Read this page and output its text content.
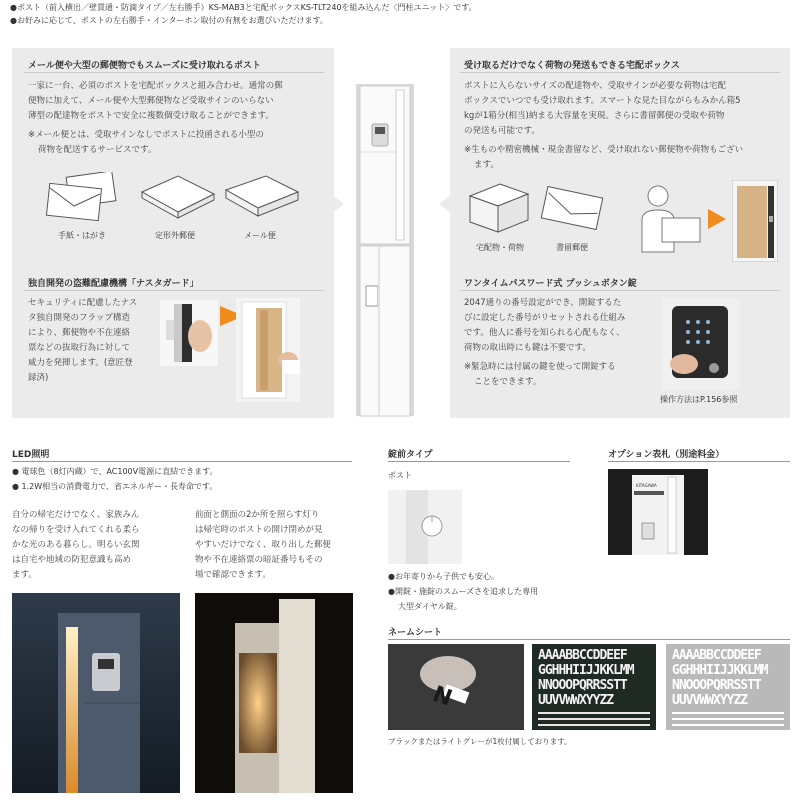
●ポスト（前入横出／壁貫通・防滴タイプ／左右勝手）KS-MAB3と宅配ボックスKS-TLT240を組み込んだ〈門柱ユニット〉です。
●お好みに応じて、ポストの左右勝手・インターホン取付の有無をお選びいただけます。
メール便や大型の郵便物でもスムーズに受け取れるポスト
一家に一台、必須のポストを宅配ボックスと組み合わせ。通常の郵
便物に加えて、メール便や大型郵便物など受取サインのいらない
薄型の配達物をポストで安全に複数個受け取ることができます。
※メール便とは、受取サインなしでポストに投函される小型の
荷物を配送するサービスです。
手紙・はがき	定形外郵便	メール便
独自開発の盗難配慮機構「ナスタガード」
セキュリティに配慮したナス
タ独自開発のフラップ構造
により、郵便物や不在連絡
票などの抜取行為に対して
威力を発揮します。(意匠登
録済)
受け取るだけでなく荷物の発送もできる宅配ボックス
ポストに入らないサイズの配達物や、受取サインが必要な荷物は宅配
ボックスでいつでも受け取れます。スマートな見た目ながらもみかん箱5
kgが1箱分(相当)納まる大容量を実現。さらに書留郵便の受取や荷物
の発送も可能です。
※生ものや精密機械・現金書留など、受け取れない郵便物や荷物もござい
ます。
宅配物・荷物	書留郵便
ワンタイムパスワード式 プッシュボタン錠
2047通りの番号設定ができ、開錠するた
びに設定した番号がリセットされる仕組み
です。他人に番号を知られる心配もなく、
荷物の取出時にも鍵は不要です。
※緊急時には付属の鍵を使って開錠する
ことをできます。
操作方法はP.156参照
LED照明
● 電球色（8灯内蔵）で、AC100V電源に直結できます。
● 1.2W相当の消費電力で、省エネルギー・長寿命です。
自分の帰宅だけでなく、家族みん
なの帰りを受け入れてくれる柔ら
かな光のある暮らし。明るい玄関
は自宅や地域の防犯意識も高め
ます。
前面と側面の2か所を照らす灯り
は帰宅時のポストの開け閉めが見
やすいだけでなく、取り出した郵便
物や不在連絡票の暗証番号もその
場で確認できます。
錠前タイプ
ポスト
●お年寄りから子供でも安心。
●開錠・施錠のスムーズさを追求した専用
大型ダイヤル錠。
オプション表札（別途料金）
KITAGAWA
ネームシート
N
AAAABBCCDDEEF
GGHHHIIJJKKLMM
NNOOOPQRRSSTT
UUVVWWXYYZZ
AAAABBCCDDEEF
GGHHHIIJJKKLMM
NNOOOPQRRSSTT
UUVVWWXYYZZ
ブラックまたはライトグレーが1枚付属しております。
